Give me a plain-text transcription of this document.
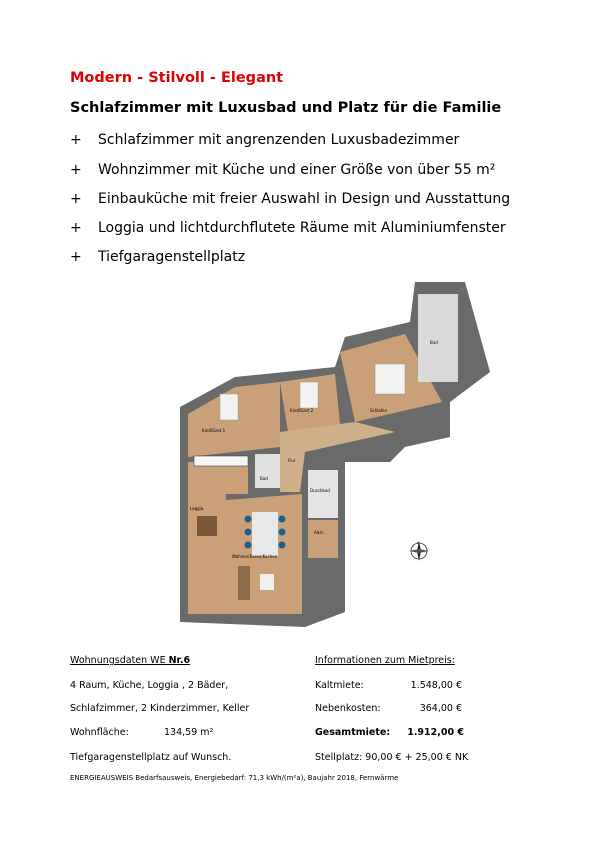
Modern - Stilvoll - Elegant
Schlafzimmer mit Luxusbad und Platz für die Familie
+	Schlafzimmer mit angrenzenden Luxusbadezimmer
+	Wohnzimmer mit Küche und einer Größe von über 55 m²
+	Einbauküche mit freier Auswahl in Design und Ausstattung
+	Loggia und lichtdurchflutete Räume mit Aluminiumfenster
+	Tiefgaragenstellplatz
Bad
Kind/Gast 1
Kind/Gast 2	Schlafen
Flur
Bad
Duschbad
Abst.
Loggia
Wohnen/Essen/Kochen
N
Wohnungsdaten WE Nr.6
4 Raum, Küche, Loggia , 2 Bäder,
Schlafzimmer, 2 Kinderzimmer, Keller
Wohnfläche:	134,59 m²
Tiefgaragenstellplatz auf Wunsch.
Informationen zum Mietpreis:
Kaltmiete:	1.548,00 €
Nebenkosten:	364,00 €
Gesamtmiete:	1.912,00 €
Stellplatz: 90,00 € + 25,00 € NK
ENERGIEAUSWEIS Bedarfsausweis, Energiebedarf: 71,3 kWh/(m²a), Baujahr 2018, Fernwärme
